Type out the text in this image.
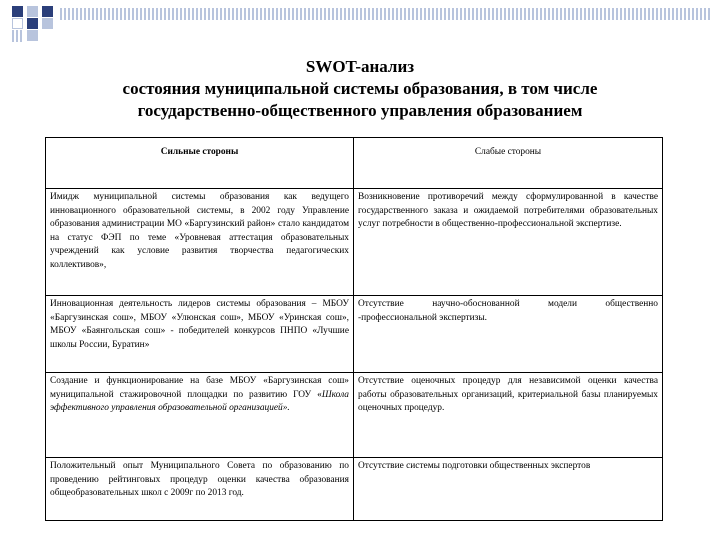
SWOT-анализ
состояния муниципальной системы образования, в том числе
государственно-общественного управления образованием
Сильные стороны	Слабые стороны
Имидж муниципальной системы образования как ведущего инновационного образовательной системы, в 2002 году Управление образования администрации МО «Баргузинский район» стало кандидатом на статус ФЭП по теме «Уровневая аттестация образовательных учреждений как условие развития творчества педагогических коллективов»,	Возникновение противоречий между сформулированной в качестве государственного заказа и ожидаемой потребителями образовательных услуг потребности в общественно-профессиональной экспертизе.
Инновационная деятельность лидеров системы образования – МБОУ «Баргузинская сош», МБОУ «Улюнская сош», МБОУ «Уринская сош», МБОУ «Баянгольская сош» - победителей конкурсов ПНПО «Лучшие школы России, Буратин»	Отсутствие научно-обоснованной модели общественно -профессиональной экспертизы.
Создание и функционирование на базе МБОУ «Баргузинская сош» муниципальной стажировочной площадки по развитию ГОУ «Школа эффективного управления образовательной организацией».	Отсутствие оценочных процедур для независимой оценки качества работы образовательных организаций, критериальной базы планируемых оценочных процедур.
Положительный опыт Муниципального Совета по образованию по проведению рейтинговых процедур оценки качества образования общеобразовательных школ с 2009г по 2013 год.	Отсутствие системы подготовки общественных экспертов
